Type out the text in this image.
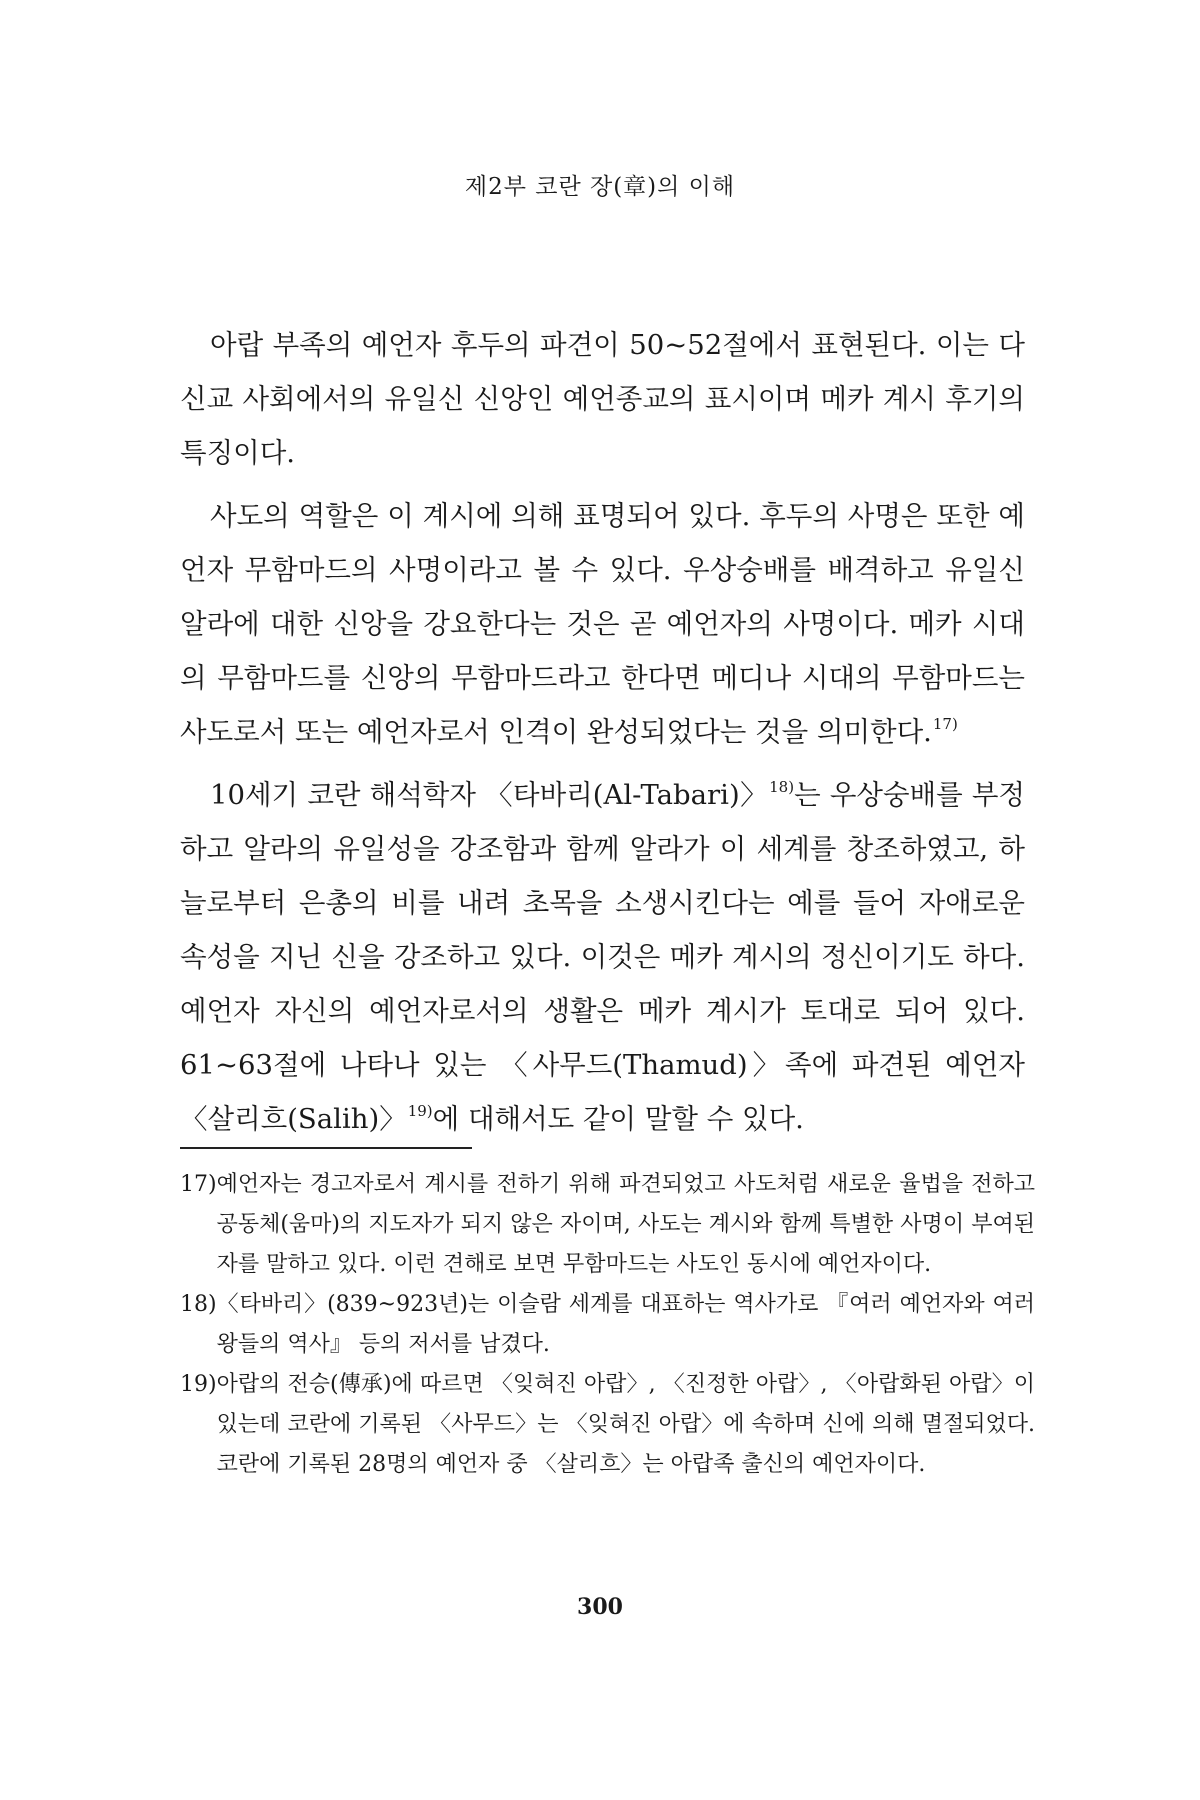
제2부 코란 장(章)의 이해

아랍 부족의 예언자 후두의 파견이 50~52절에서 표현된다. 이는 다신교 사회에서의 유일신 신앙인 예언종교의 표시이며 메카 계시 후기의 특징이다.

사도의 역할은 이 계시에 의해 표명되어 있다. 후두의 사명은 또한 예언자 무함마드의 사명이라고 볼 수 있다. 우상숭배를 배격하고 유일신 알라에 대한 신앙을 강요한다는 것은 곧 예언자의 사명이다. 메카 시대의 무함마드를 신앙의 무함마드라고 한다면 메디나 시대의 무함마드는 사도로서 또는 예언자로서 인격이 완성되었다는 것을 의미한다.$^{17)}$

10세기 코란 해석학자 〈타바리(Al-Tabari)〉$^{18)}$는 우상숭배를 부정하고 알라의 유일성을 강조함과 함께 알라가 이 세계를 창조하였고, 하늘로부터 은총의 비를 내려 초목을 소생시킨다는 예를 들어 자애로운 속성을 지닌 신을 강조하고 있다. 이것은 메카 계시의 정신이기도 하다. 예언자 자신의 예언자로서의 생활은 메카 계시가 토대로 되어 있다. 61~63절에 나타나 있는 〈사무드(Thamud)〉족에 파견된 예언자 〈살리흐(Salih)〉$^{19)}$에 대해서도 같이 말할 수 있다.

17) 예언자는 경고자로서 계시를 전하기 위해 파견되었고 사도처럼 새로운 율법을 전하고 공동체(움마)의 지도자가 되지 않은 자이며, 사도는 계시와 함께 특별한 사명이 부여된 자를 말하고 있다. 이런 견해로 보면 무함마드는 사도인 동시에 예언자이다.
18) 〈타바리〉(839~923년)는 이슬람 세계를 대표하는 역사가로 『여러 예언자와 여러 왕들의 역사』 등의 저서를 남겼다.
19) 아랍의 전승(傳承)에 따르면 〈잊혀진 아랍〉, 〈진정한 아랍〉, 〈아랍화된 아랍〉이 있는데 코란에 기록된 〈사무드〉는 〈잊혀진 아랍〉에 속하며 신에 의해 멸절되었다. 코란에 기록된 28명의 예언자 중 〈살리흐〉는 아랍족 출신의 예언자이다.
300
